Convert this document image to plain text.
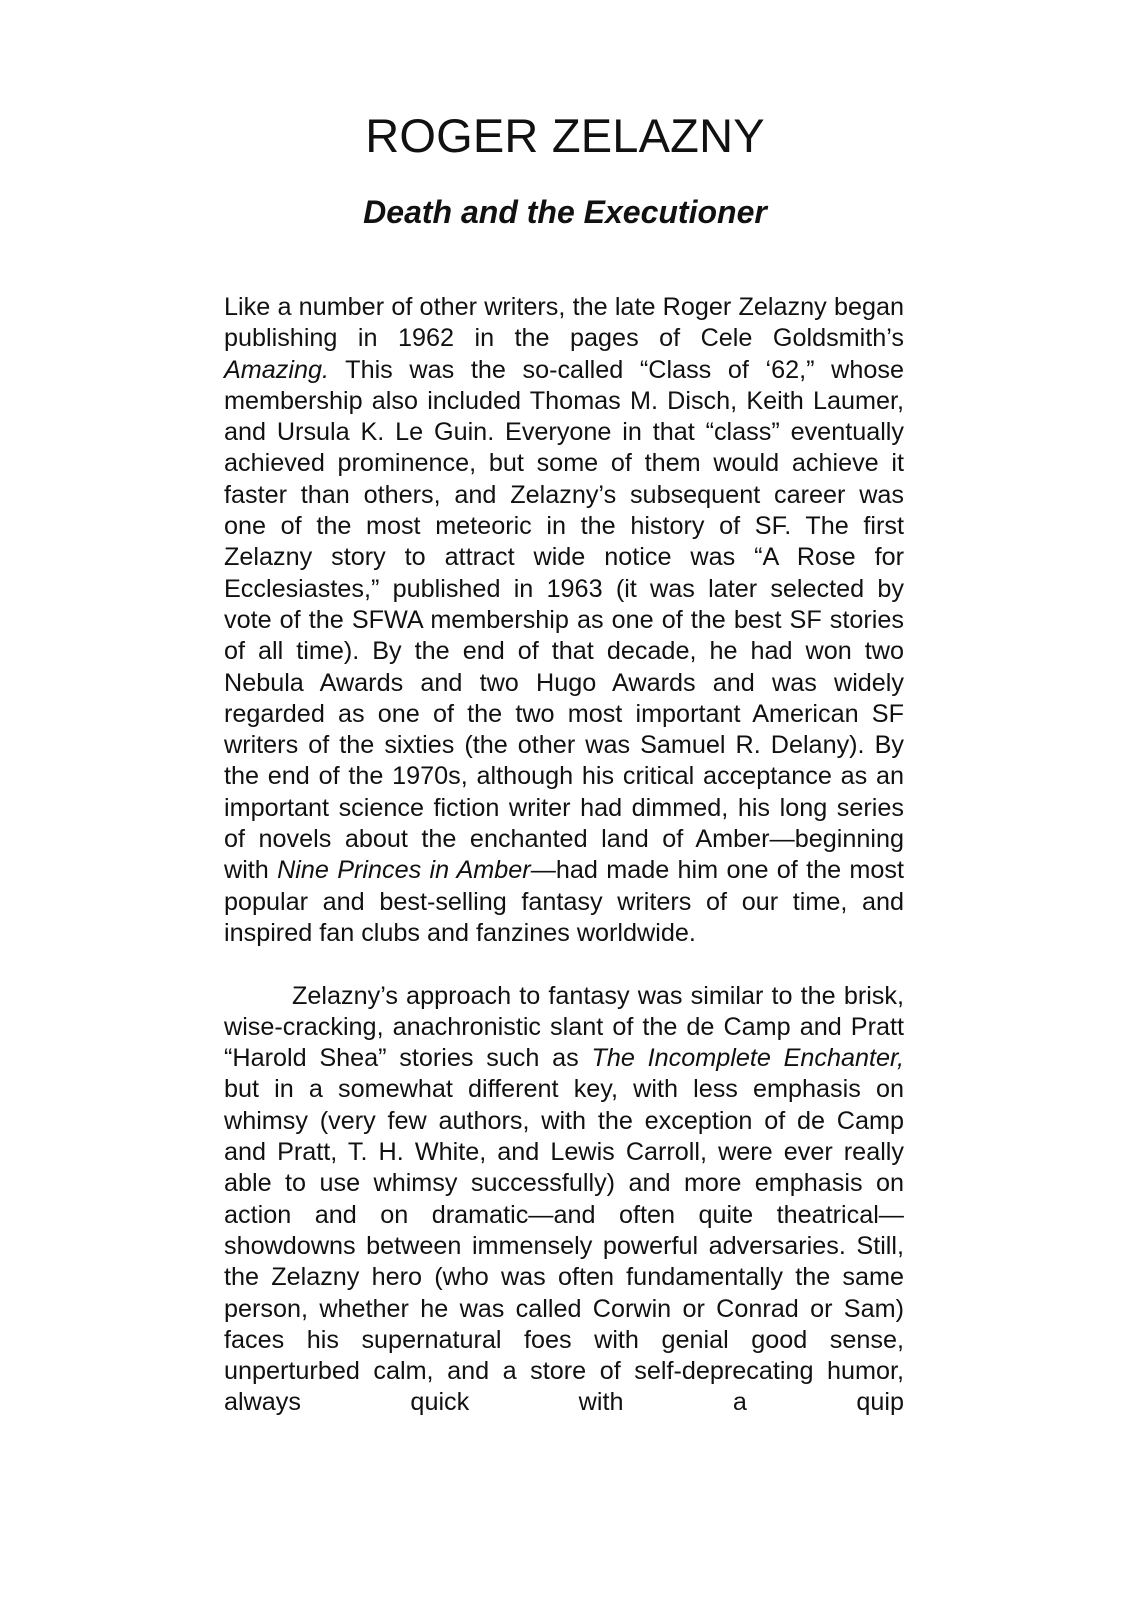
ROGER ZELAZNY
Death and the Executioner

Like a number of other writers, the late Roger Zelazny began publishing in 1962 in the pages of Cele Goldsmith’s Amazing. This was the so-called “Class of ‘62,” whose membership also included Thomas M. Disch, Keith Laumer, and Ursula K. Le Guin. Everyone in that “class” eventually achieved prominence, but some of them would achieve it faster than others, and Zelazny’s subsequent career was one of the most meteoric in the history of SF. The first Zelazny story to attract wide notice was “A Rose for Ecclesiastes,” published in 1963 (it was later selected by vote of the SFWA membership as one of the best SF stories of all time). By the end of that decade, he had won two Nebula Awards and two Hugo Awards and was widely regarded as one of the two most important American SF writers of the sixties (the other was Samuel R. Delany). By the end of the 1970s, although his critical acceptance as an important science fiction writer had dimmed, his long series of novels about the enchanted land of Amber—beginning with Nine Princes in Amber—had made him one of the most popular and best-selling fantasy writers of our time, and inspired fan clubs and fanzines worldwide.

Zelazny’s approach to fantasy was similar to the brisk, wise-cracking, anachronistic slant of the de Camp and Pratt “Harold Shea” stories such as The Incomplete Enchanter, but in a somewhat different key, with less emphasis on whimsy (very few authors, with the exception of de Camp and Pratt, T. H. White, and Lewis Carroll, were ever really able to use whimsy successfully) and more emphasis on action and on dramatic—and often quite theatrical—showdowns between immensely powerful adversaries. Still, the Zelazny hero (who was often fundamentally the same person, whether he was called Corwin or Conrad or Sam) faces his supernatural foes with genial good sense, unperturbed calm, and a store of self-deprecating humor, always quick with a quip
